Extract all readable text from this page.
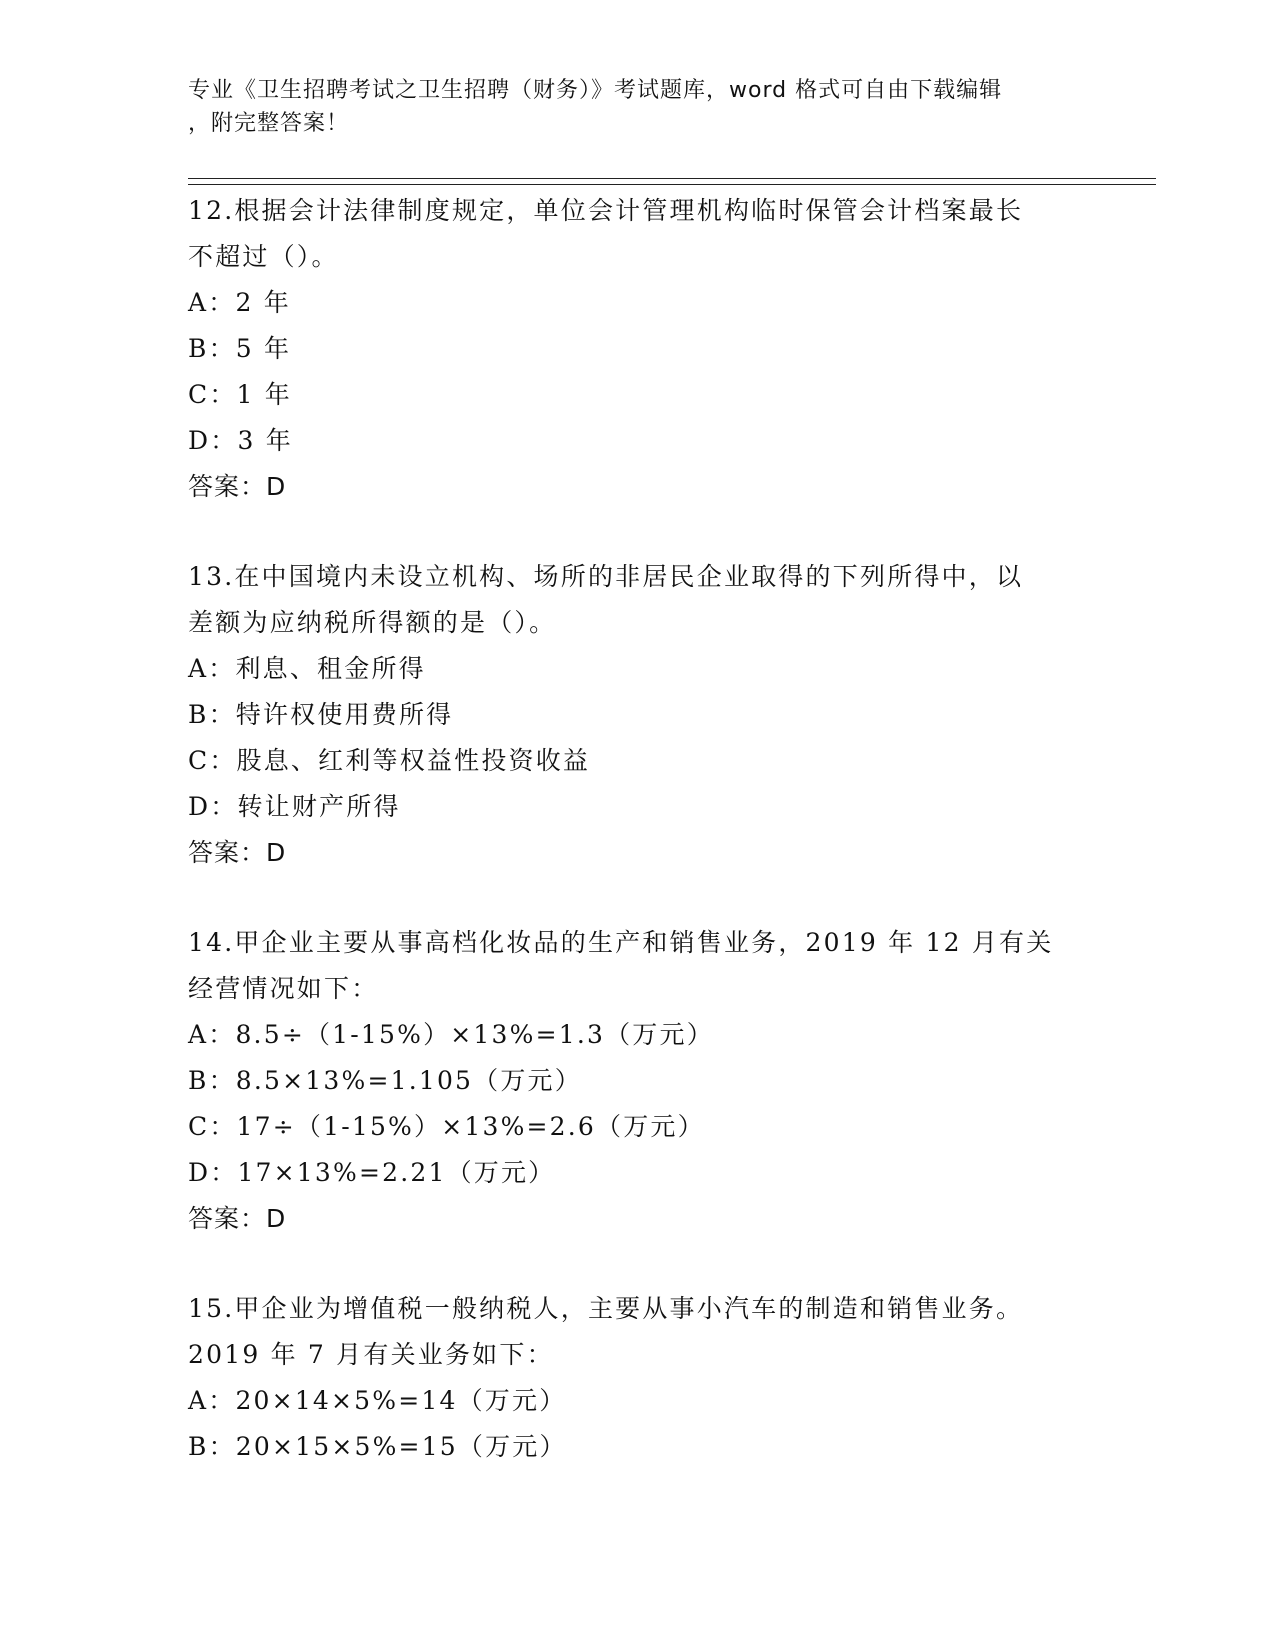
专业《卫生招聘考试之卫生招聘（财务）》考试题库，word 格式可自由下载编辑
，附完整答案！
12.根据会计法律制度规定，单位会计管理机构临时保管会计档案最长
不超过（）。
A：2 年
B：5 年
C：1 年
D：3 年
答案：D
13.在中国境内未设立机构、场所的非居民企业取得的下列所得中，以
差额为应纳税所得额的是（）。
A：利息、租金所得
B：特许权使用费所得
C：股息、红利等权益性投资收益
D：转让财产所得
答案：D
14.甲企业主要从事高档化妆品的生产和销售业务，2019 年 12 月有关
经营情况如下：
A：8.5÷（1-15%）×13%=1.3（万元）
B：8.5×13%=1.105（万元）
C：17÷（1-15%）×13%=2.6（万元）
D：17×13%=2.21（万元）
答案：D
15.甲企业为增值税一般纳税人，主要从事小汽车的制造和销售业务。
2019 年 7 月有关业务如下：
A：20×14×5%=14（万元）
B：20×15×5%=15（万元）
